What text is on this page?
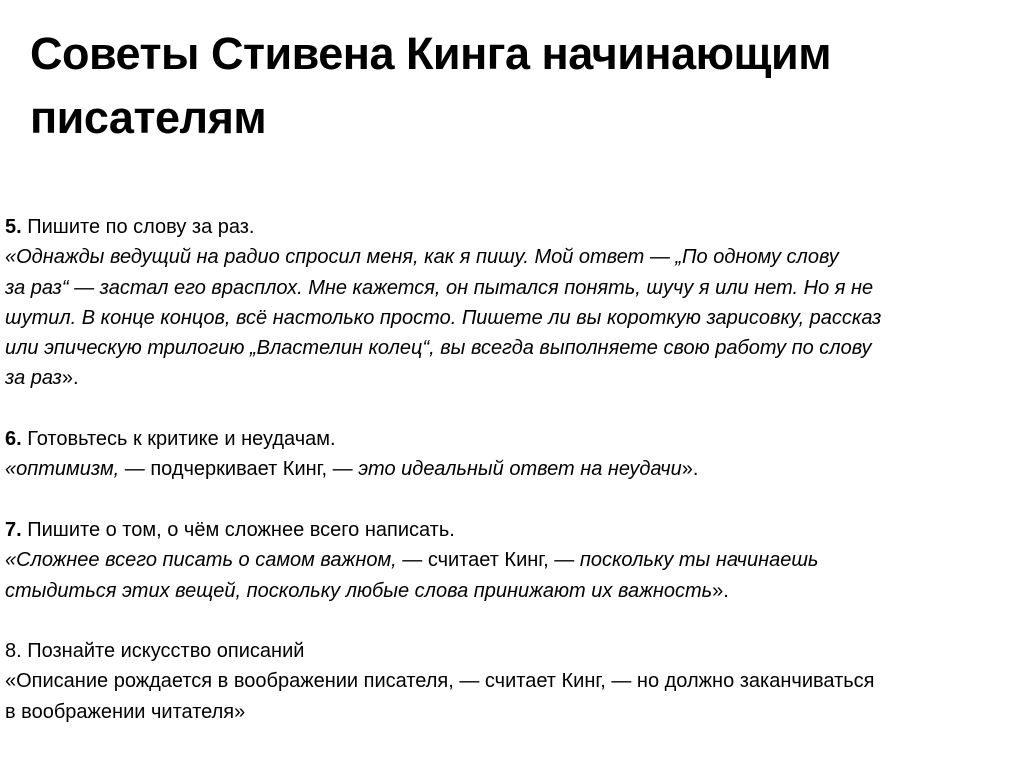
Советы Стивена Кинга начинающим
писателям
5. Пишите по слову за раз.
«Однажды ведущий на радио спросил меня, как я пишу. Мой ответ — „По одному слову
за раз“ — застал его врасплох. Мне кажется, он пытался понять, шучу я или нет. Но я не
шутил. В конце концов, всё настолько просто. Пишете ли вы короткую зарисовку, рассказ
или эпическую трилогию „Властелин колец“, вы всегда выполняете свою работу по слову
за раз».
6. Готовьтесь к критике и неудачам.
«оптимизм, — подчеркивает Кинг, — это идеальный ответ на неудачи».
7. Пишите о том, о чём сложнее всего написать.
«Сложнее всего писать о самом важном, — считает Кинг, — поскольку ты начинаешь
стыдиться этих вещей, поскольку любые слова принижают их важность».
8. Познайте искусство описаний
«Описание рождается в воображении писателя, — считает Кинг, — но должно заканчиваться
в воображении читателя»
